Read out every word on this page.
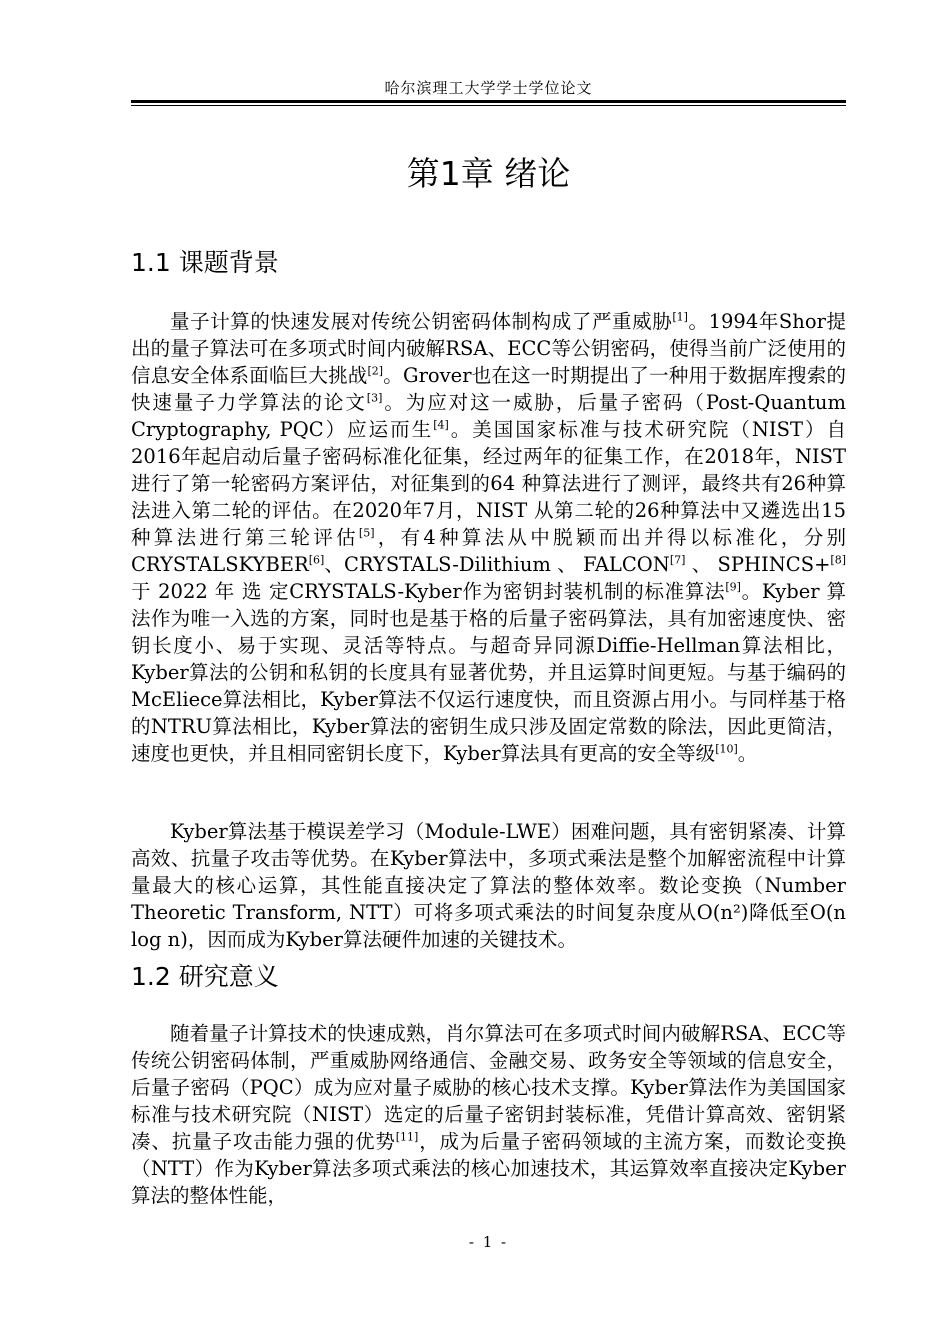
哈尔滨理工大学学士学位论文
第1章 绪论
1.1 课题背景

量子计算的快速发展对传统公钥密码体制构成了严重威胁[1]。1994年Shor提出的量子算法可在多项式时间内破解RSA、ECC等公钥密码，使得当前广泛使用的信息安全体系面临巨大挑战[2]。Grover也在这一时期提出了一种用于数据库搜索的快速量子力学算法的论文[3]。为应对这一威胁，后量子密码（Post-Quantum Cryptography, PQC）应运而生[4]。美国国家标准与技术研究院（NIST）自2016年起启动后量子密码标准化征集，经过两年的征集工作，在2018年，NIST进行了第一轮密码方案评估，对征集到的64 种算法进行了测评，最终共有26种算法进入第二轮的评估。在2020年7月，NIST 从第二轮的26种算法中又遴选出15 种算法进行第三轮评估[5]，有4种算法从中脱颖而出并得以标准化，分别CRYSTALSKYBER[6]、CRYSTALS-Dilithium 、 FALCON[7] 、 SPHINCS+[8] 于 2022 年 选 定CRYSTALS-Kyber作为密钥封装机制的标准算法[9]。Kyber 算法作为唯一入选的方案，同时也是基于格的后量子密码算法，具有加密速度快、密钥长度小、易于实现、灵活等特点。与超奇异同源Diffie-Hellman算法相比，Kyber算法的公钥和私钥的长度具有显著优势，并且运算时间更短。与基于编码的McEliece算法相比，Kyber算法不仅运行速度快，而且资源占用小。与同样基于格的NTRU算法相比，Kyber算法的密钥生成只涉及固定常数的除法，因此更简洁，速度也更快，并且相同密钥长度下，Kyber算法具有更高的安全等级[10]。

Kyber算法基于模误差学习（Module-LWE）困难问题，具有密钥紧凑、计算高效、抗量子攻击等优势。在Kyber算法中，多项式乘法是整个加解密流程中计算量最大的核心运算，其性能直接决定了算法的整体效率。数论变换（Number Theoretic Transform, NTT）可将多项式乘法的时间复杂度从O(n²)降低至O(n log n)，因而成为Kyber算法硬件加速的关键技术。

1.2 研究意义

随着量子计算技术的快速成熟，肖尔算法可在多项式时间内破解RSA、ECC等传统公钥密码体制，严重威胁网络通信、金融交易、政务安全等领域的信息安全，后量子密码（PQC）成为应对量子威胁的核心技术支撑。Kyber算法作为美国国家标准与技术研究院（NIST）选定的后量子密钥封装标准，凭借计算高效、密钥紧凑、抗量子攻击能力强的优势[11]，成为后量子密码领域的主流方案，而数论变换（NTT）作为Kyber算法多项式乘法的核心加速技术，其运算效率直接决定Kyber算法的整体性能，

- 1 -
